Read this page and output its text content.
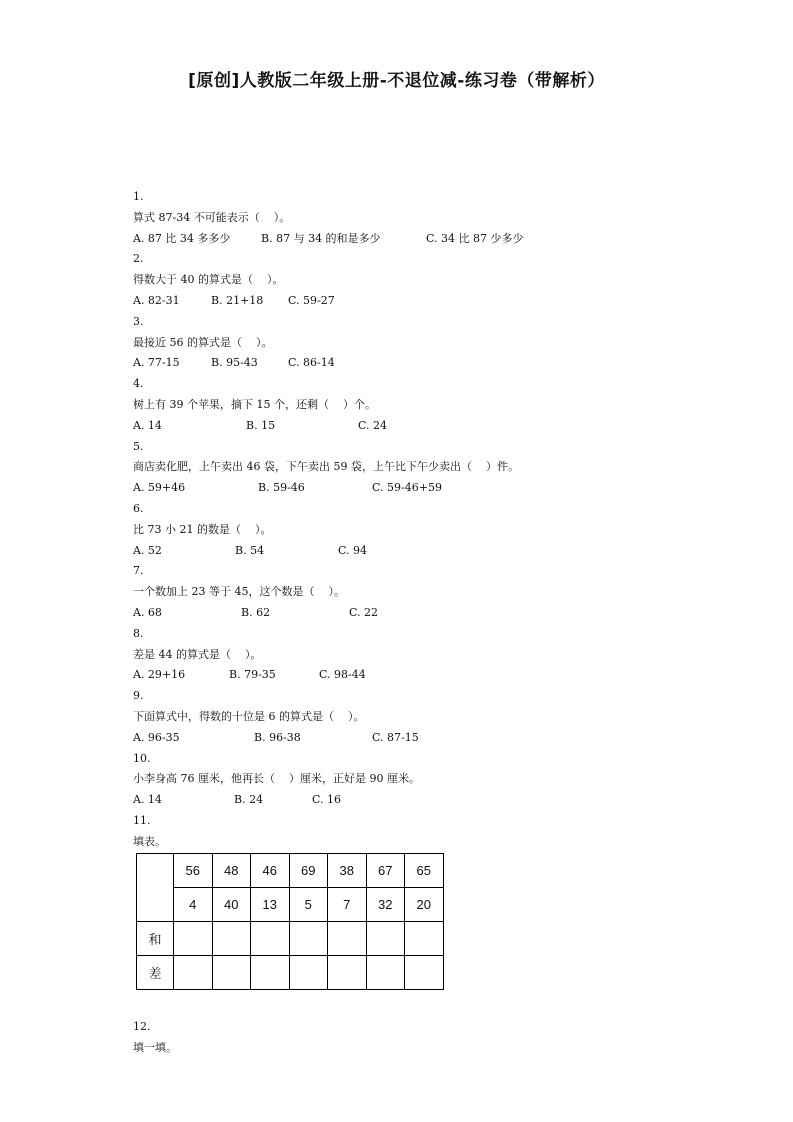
[原创]人教版二年级上册-不退位减-练习卷（带解析）
1.
算式 87-34 不可能表示（    ）。
A. 87 比 34 多多少	B. 87 与 34 的和是多少	C. 34 比 87 少多少
2.
得数大于 40 的算式是（    ）。
A. 82-31	B. 21+18	C. 59-27
3.
最接近 56 的算式是（    ）。
A. 77-15	B. 95-43	C. 86-14
4.
树上有 39 个苹果，摘下 15 个，还剩（    ）个。
A. 14	B. 15	C. 24
5.
商店卖化肥，上午卖出 46 袋，下午卖出 59 袋，上午比下午少卖出（    ）件。
A. 59+46	B. 59-46	C. 59-46+59
6.
比 73 小 21 的数是（    ）。
A. 52	B. 54	C. 94
7.
一个数加上 23 等于 45，这个数是（    ）。
A. 68	B. 62	C. 22
8.
差是 44 的算式是（    ）。
A. 29+16	B. 79-35	C. 98-44
9.
下面算式中，得数的十位是 6 的算式是（    ）。
A. 96-35	B. 96-38	C. 87-15
10.
小李身高 76 厘米，他再长（    ）厘米，正好是 90 厘米。
A. 14	B. 24	C. 16
11.
填表。
	56	48	46	69	38	67	65
	4	40	13	5	7	32	20
和							
差							
12.
填一填。
